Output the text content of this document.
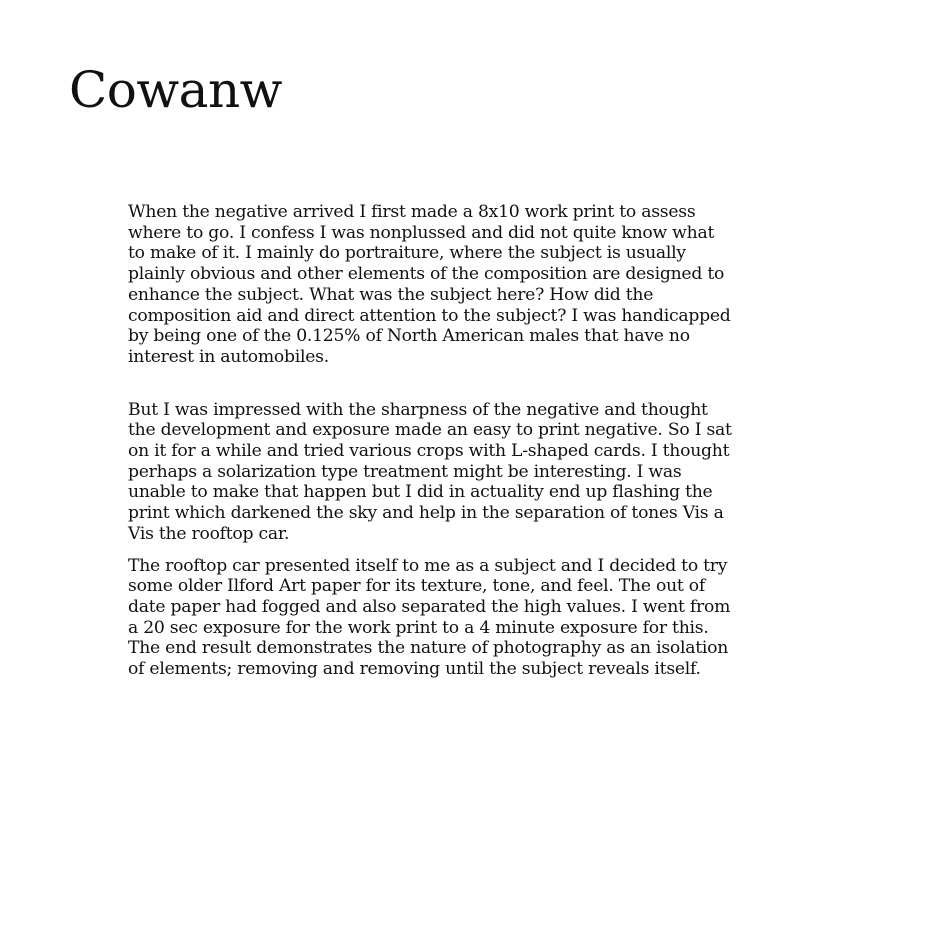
Cowanw

When the negative arrived I first made a 8x10 work print to assess
where to go. I confess I was nonplussed and did not quite know what
to make of it. I mainly do portraiture, where the subject is usually
plainly obvious and other elements of the composition are designed to
enhance the subject. What was the subject here? How did the
composition aid and direct attention to the subject? I was handicapped
by being one of the 0.125% of North American males that have no
interest in automobiles.

But I was impressed with the sharpness of the negative and thought
the development and exposure made an easy to print negative. So I sat
on it for a while and tried various crops with L-shaped cards. I thought
perhaps a solarization type treatment might be interesting. I was
unable to make that happen but I did in actuality end up flashing the
print which darkened the sky and help in the separation of tones Vis a
Vis the rooftop car.

The rooftop car presented itself to me as a subject and I decided to try
some older Ilford Art paper for its texture, tone, and feel. The out of
date paper had fogged and also separated the high values. I went from
a 20 sec exposure for the work print to a 4 minute exposure for this.
The end result demonstrates the nature of photography as an isolation
of elements; removing and removing until the subject reveals itself.
